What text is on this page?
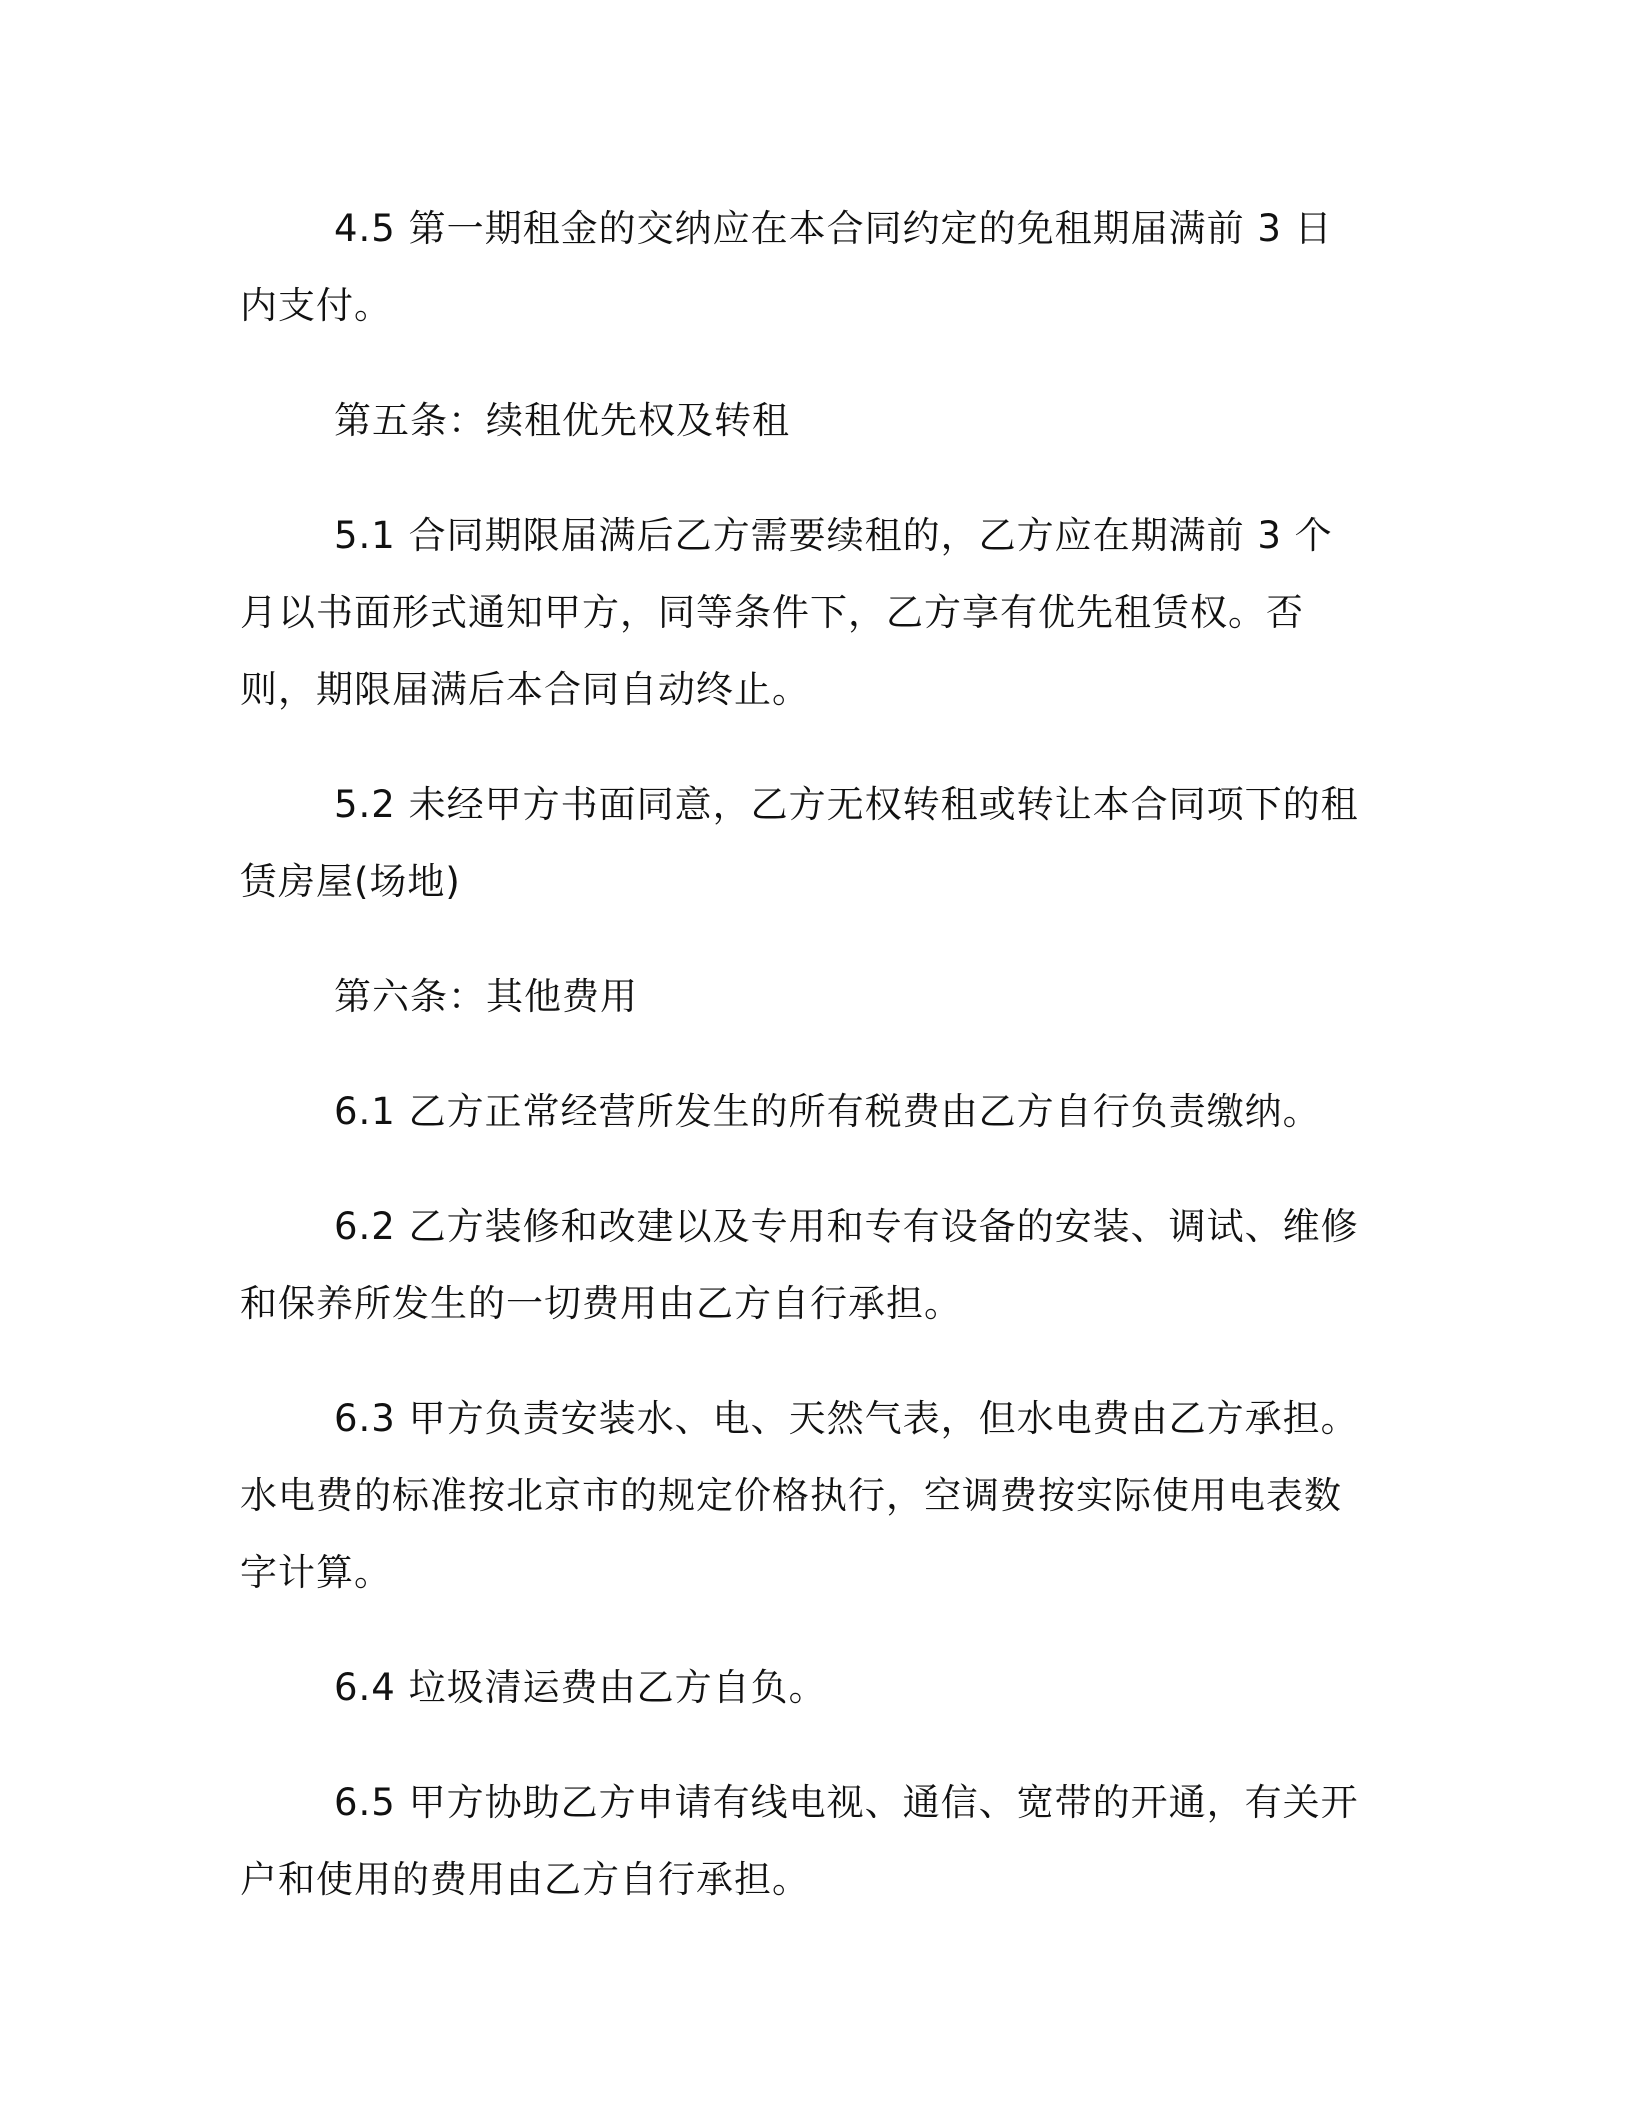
4.5 第一期租金的交纳应在本合同约定的免租期届满前 3 日内支付。

第五条：续租优先权及转租

5.1 合同期限届满后乙方需要续租的，乙方应在期满前 3 个月以书面形式通知甲方，同等条件下，乙方享有优先租赁权。否则，期限届满后本合同自动终止。

5.2 未经甲方书面同意，乙方无权转租或转让本合同项下的租赁房屋(场地)

第六条：其他费用

6.1 乙方正常经营所发生的所有税费由乙方自行负责缴纳。

6.2 乙方装修和改建以及专用和专有设备的安装、调试、维修和保养所发生的一切费用由乙方自行承担。

6.3 甲方负责安装水、电、天然气表，但水电费由乙方承担。水电费的标准按北京市的规定价格执行，空调费按实际使用电表数字计算。

6.4 垃圾清运费由乙方自负。

6.5 甲方协助乙方申请有线电视、通信、宽带的开通，有关开户和使用的费用由乙方自行承担。
